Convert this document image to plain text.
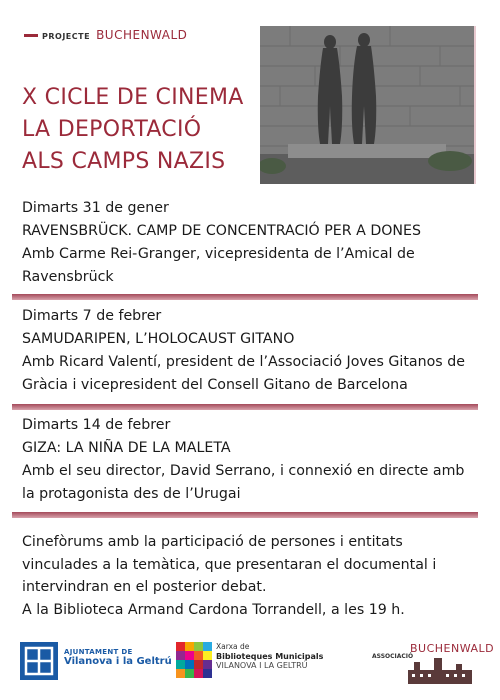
PROJECTE BUCHENWALD
X CICLE DE CINEMA
LA DEPORTACIÓ
ALS CAMPS NAZIS
Dimarts 31 de gener
RAVENSBRÜCK. CAMP DE CONCENTRACIÓ PER A DONES
Amb Carme Rei-Granger, vicepresidenta de l’Amical de
Ravensbrück
Dimarts 7 de febrer
SAMUDARIPEN, L’HOLOCAUST GITANO
Amb Ricard Valentí, president de l’Associació Joves Gitanos de
Gràcia i vicepresident del Consell Gitano de Barcelona
Dimarts 14 de febrer
GIZA: LA NIÑA DE LA MALETA
Amb el seu director, David Serrano, i connexió en directe amb
la protagonista des de l’Urugai
Cinefòrums amb la participació de persones i entitats
vinculades a la temàtica, que presentaran el documental i
intervindran en el posterior debat.
A la Biblioteca Armand Cardona Torrandell, a les 19 h.
AJUNTAMENT DE
Vilanova i la Geltrú
Xarxa de
Biblioteques Municipals
VILANOVA I LA GELTRÚ
ASSOCIACIÓ
BUCHENWALD
